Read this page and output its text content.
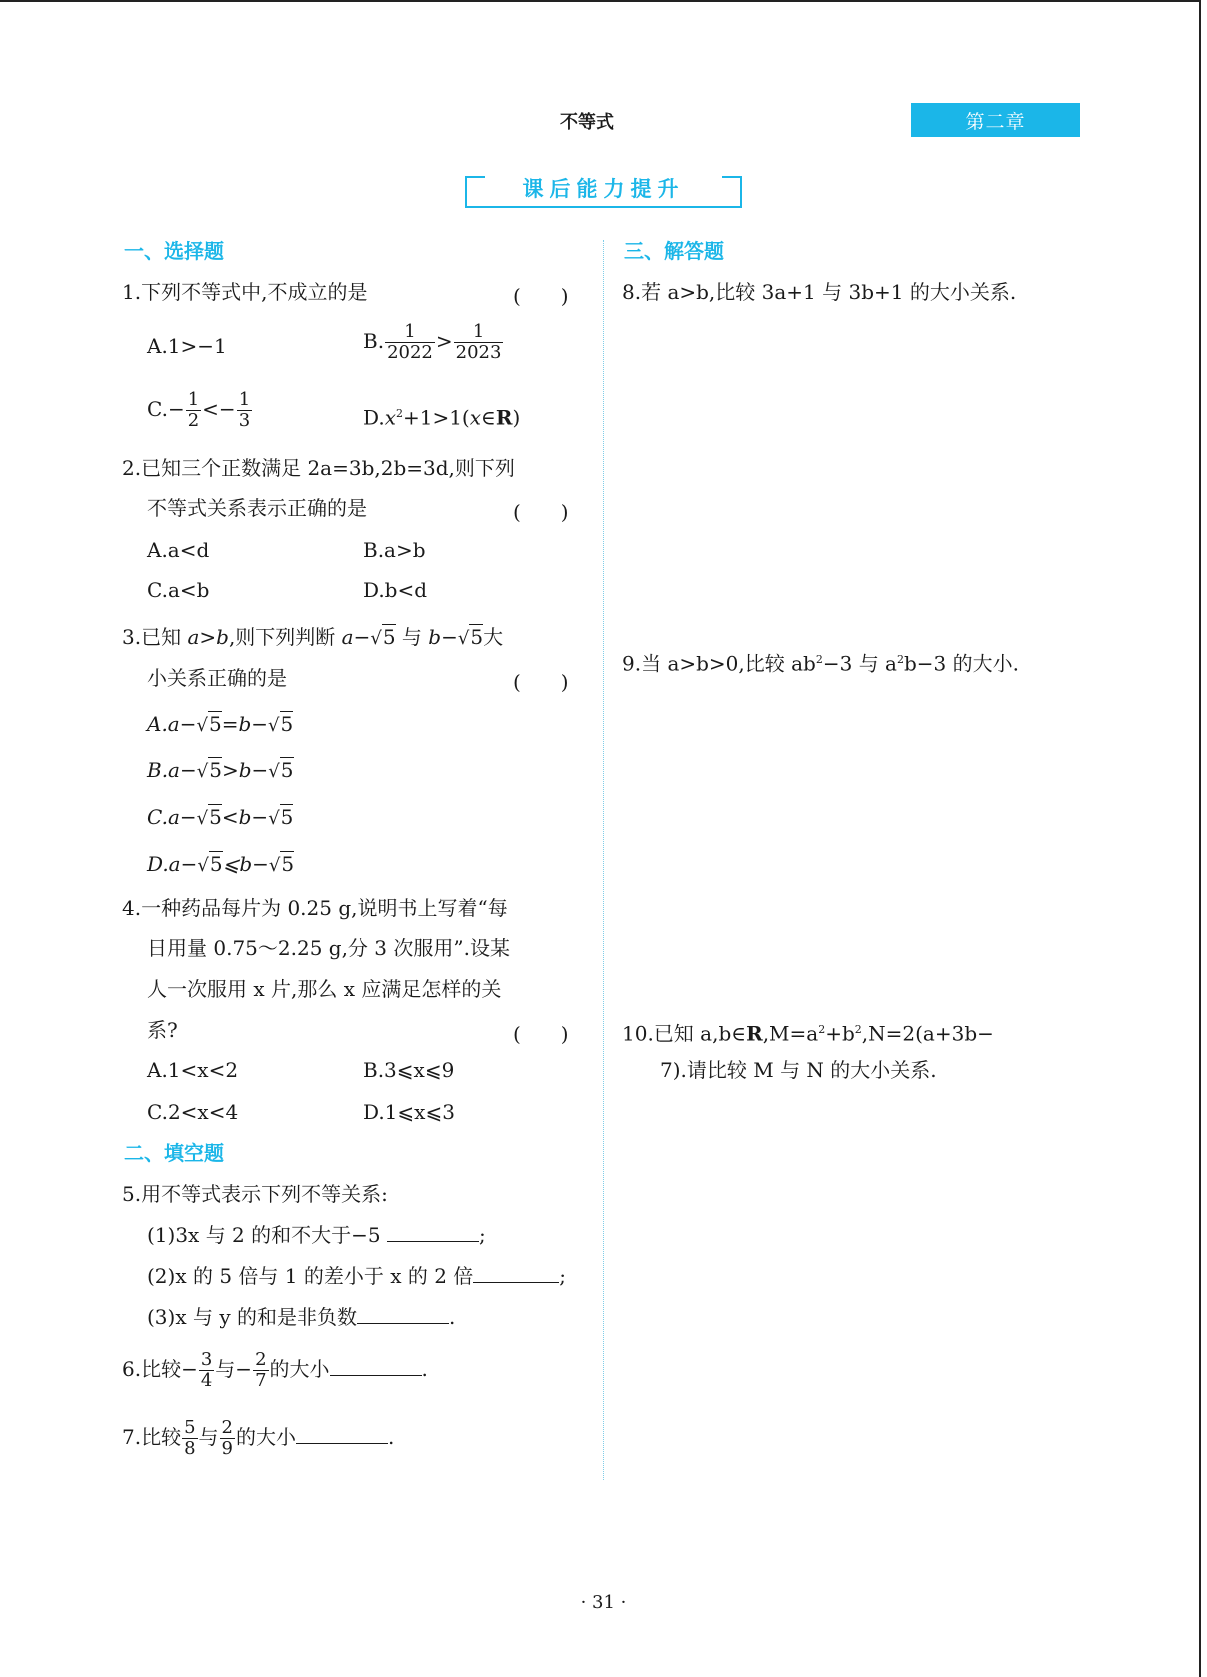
不等式	第二章
课后能力提升
一、选择题
1.下列不等式中,不成立的是	(　　)
A.1>−1	B. $\frac{1}{2022} > \frac{1}{2023}$
$C.- \frac{1}{2} <- \frac{1}{3}$	$D.x^2+1>1(x\in R)$
2.已知三个正数满足 2a=3b,2b=3d,则下列
不等式关系表示正确的是	(　　)
A.a<d	B.a>b
C.a<b	D.b<d
3.已知 a>b,则下列判断 a−√5 与 b−√5大
小关系正确的是	(　　)
A.a−√5=b−√5
B.a−√5>b−√5
C.a−√5<b−√5
D.a−√5⩽b−√5
4.一种药品每片为 0.25 g,说明书上写着“每
日用量 0.75～2.25 g,分 3 次服用”.设某
人一次服用 x 片,那么 x 应满足怎样的关
系?	(　　)
A.1<x<2	B.3⩽x⩽9
C.2<x<4	D.1⩽x⩽3
二、填空题
5.用不等式表示下列不等关系:
(1)3x 与 2 的和不大于−5	;
(2)x 的 5 倍与 1 的差小于 x 的 2 倍	;
(3)x 与 y 的和是非负数	.
6.比较− $\frac{3}{4}$ 与− $\frac{2}{7}$ 的大小	.
7.比较 $\frac{5}{8}$ 与 $\frac{2}{9}$ 的大小	.
三、解答题
8.若 a>b,比较 3a+1 与 3b+1 的大小关系.
9.当 a>b>0,比较 $ab^2-3$ 与 $a^2b-3$ 的大小.
10.已知 $a,b\in R,M=a^2+b^2,N=2(a+3b-$
7).请比较 M 与 N 的大小关系.
· 31 ·
